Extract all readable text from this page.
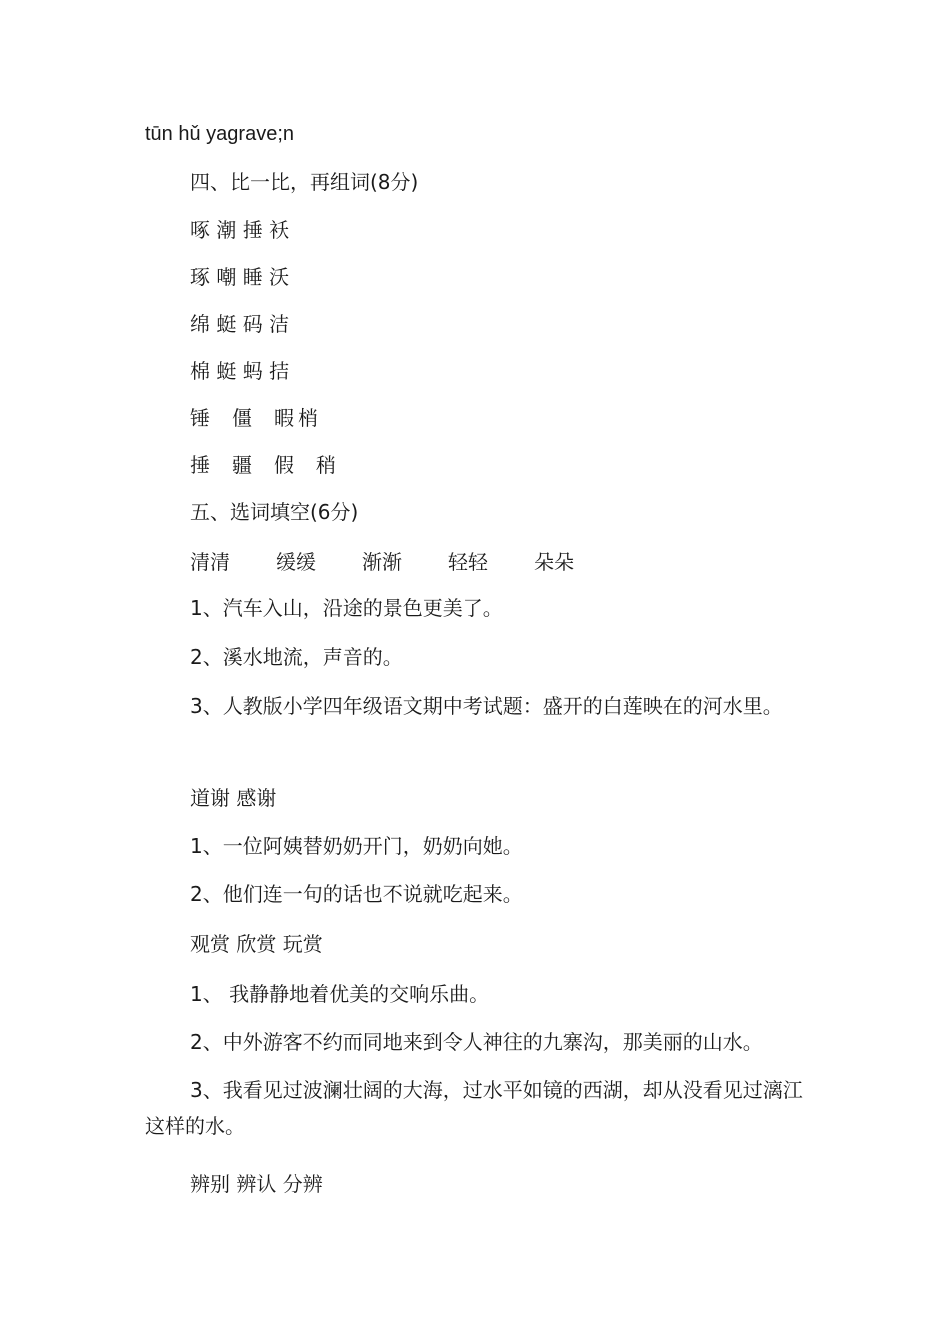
tūn hǔ yagrave;n
四、比一比，再组词(8分)
啄 潮 捶 袄
琢 嘲 睡 沃
绵 蜓 码 洁
棉 蜓 蚂 拮
锤 僵 暇 梢
捶 疆 假 稍
五、选词填空(6分)
清清 缓缓 渐渐 轻轻 朵朵
1、汽车入山，沿途的景色更美了。
2、溪水地流，声音的。
3、人教版小学四年级语文期中考试题：盛开的白莲映在的河水里。
道谢 感谢
1、一位阿姨替奶奶开门，奶奶向她。
2、他们连一句的话也不说就吃起来。
观赏 欣赏 玩赏
1、 我静静地着优美的交响乐曲。
2、中外游客不约而同地来到令人神往的九寨沟，那美丽的山水。
3、我看见过波澜壮阔的大海，过水平如镜的西湖，却从没看见过漓江这样的水。
辨别 辨认 分辨
